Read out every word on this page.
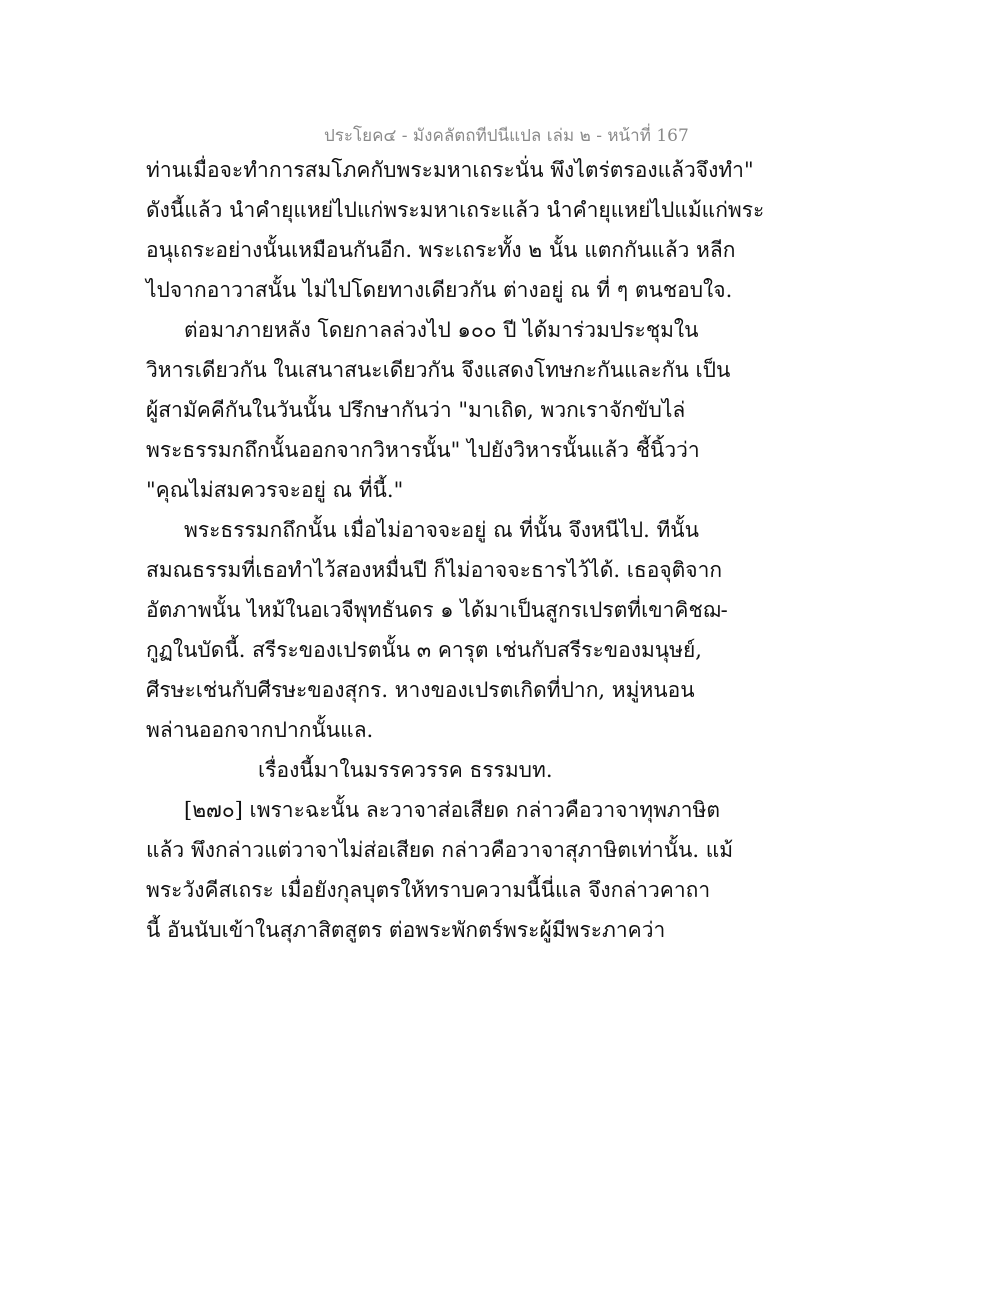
ประโยค๔ - มังคลัตถทีปนีแปล เล่ม ๒ - หน้าที่ 167
ท่านเมื่อจะทำการสมโภคกับพระมหาเถระนั่น พึงไตร่ตรองแล้วจึงทำ"
ดังนี้แล้ว นำคำยุแหย่ไปแก่พระมหาเถระแล้ว นำคำยุแหย่ไปแม้แก่พระ
อนุเถระอย่างนั้นเหมือนกันอีก. พระเถระทั้ง ๒ นั้น แตกกันแล้ว หลีก
ไปจากอาวาสนั้น ไม่ไปโดยทางเดียวกัน ต่างอยู่ ณ ที่ ๆ ตนชอบใจ.
ต่อมาภายหลัง โดยกาลล่วงไป ๑๐๐ ปี ได้มาร่วมประชุมใน
วิหารเดียวกัน ในเสนาสนะเดียวกัน จึงแสดงโทษกะกันและกัน เป็น
ผู้สามัคคีกันในวันนั้น ปรึกษากันว่า "มาเถิด, พวกเราจักขับไล่
พระธรรมกถึกนั้นออกจากวิหารนั้น" ไปยังวิหารนั้นแล้ว ชี้นิ้วว่า
"คุณไม่สมควรจะอยู่ ณ ที่นี้."
พระธรรมกถึกนั้น เมื่อไม่อาจจะอยู่ ณ ที่นั้น จึงหนีไป. ทีนั้น
สมณธรรมที่เธอทำไว้สองหมื่นปี ก็ไม่อาจจะธารไว้ได้. เธอจุติจาก
อัตภาพนั้น ไหม้ในอเวจีพุทธันดร ๑ ได้มาเป็นสูกรเปรตที่เขาคิชฌ-
กูฏในบัดนี้. สรีระของเปรตนั้น ๓ คารุต เช่นกับสรีระของมนุษย์,
ศีรษะเช่นกับศีรษะของสุกร. หางของเปรตเกิดที่ปาก, หมู่หนอน
พล่านออกจากปากนั้นแล.
เรื่องนี้มาในมรรควรรค ธรรมบท.
[๒๗๐] เพราะฉะนั้น ละวาจาส่อเสียด กล่าวคือวาจาทุพภาษิต
แล้ว พึงกล่าวแต่วาจาไม่ส่อเสียด กล่าวคือวาจาสุภาษิตเท่านั้น. แม้
พระวังคีสเถระ เมื่อยังกุลบุตรให้ทราบความนี้นี่แล จึงกล่าวคาถา
นี้ อันนับเข้าในสุภาสิตสูตร ต่อพระพักตร์พระผู้มีพระภาคว่า
